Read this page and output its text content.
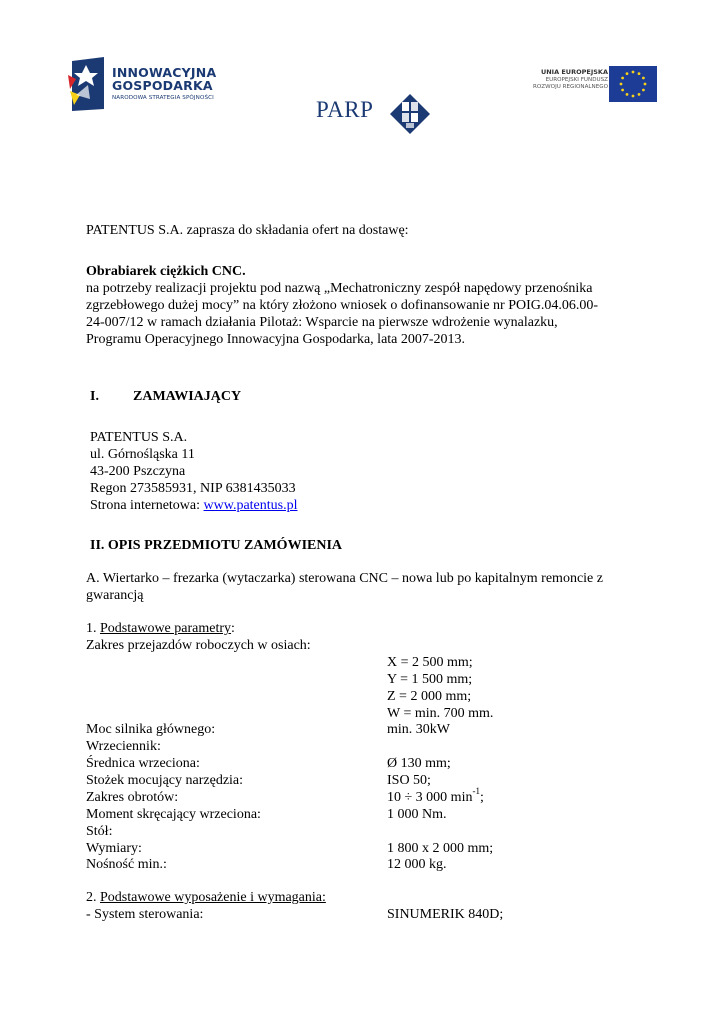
INNOWACYJNA
GOSPODARKA
NARODOWA STRATEGIA SPÓJNOŚCI	PARP
UNIA EUROPEJSKA
EUROPEJSKI FUNDUSZ
ROZWOJU REGIONALNEGO
PATENTUS S.A. zaprasza do składania ofert na dostawę:
Obrabiarek ciężkich CNC.
na potrzeby realizacji projektu pod nazwą „Mechatroniczny zespół napędowy przenośnika
zgrzebłowego dużej mocy” na który złożono wniosek o dofinansowanie nr POIG.04.06.00-
24-007/12 w ramach działania Pilotaż: Wsparcie na pierwsze wdrożenie wynalazku,
Programu Operacyjnego Innowacyjna Gospodarka, lata 2007-2013.
I. ZAMAWIAJĄCY
PATENTUS S.A.
ul. Górnośląska 11
43-200 Pszczyna
Regon 273585931, NIP 6381435033
Strona internetowa: www.patentus.pl
II. OPIS PRZEDMIOTU ZAMÓWIENIA
A. Wiertarko – frezarka (wytaczarka) sterowana CNC – nowa lub po kapitalnym remoncie z
gwarancją
1. Podstawowe parametry:
Zakres przejazdów roboczych w osiach:
X = 2 500 mm;
Y = 1 500 mm;
Z = 2 000 mm;
W = min. 700 mm.
Moc silnika głównego:	min. 30kW
Wrzeciennik:
Średnica wrzeciona:	Ø 130 mm;
Stożek mocujący narzędzia:	ISO 50;
Zakres obrotów:	10 ÷ 3 000 $\min^{-1}$;
Moment skręcający wrzeciona:	1 000 Nm.
Stół:
Wymiary:	1 800 x 2 000 mm;
Nośność min.:	12 000 kg.
2. Podstawowe wyposażenie i wymagania:
- System sterowania:	SINUMERIK 840D;
